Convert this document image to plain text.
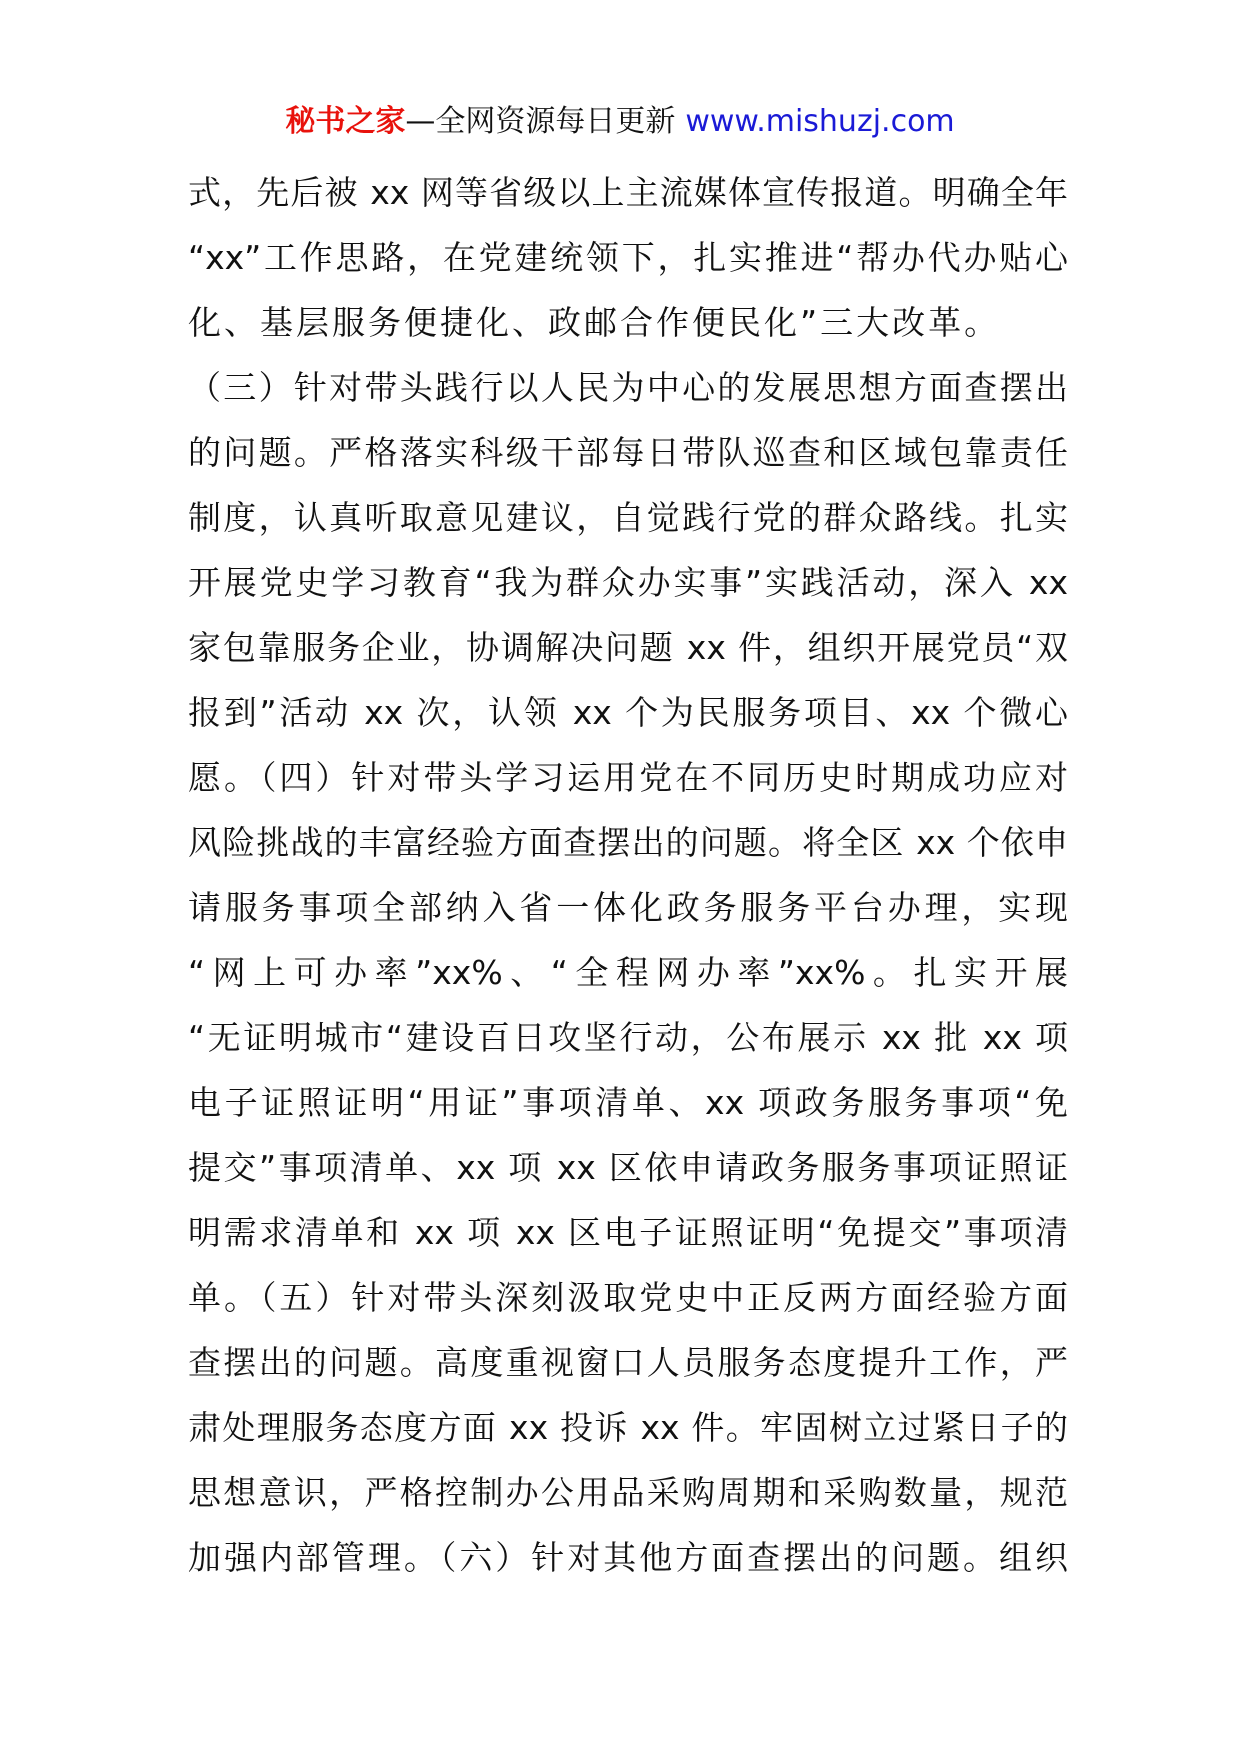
秘书之家—全网资源每日更新 www.mishuzj.com
式，先后被 xx 网等省级以上主流媒体宣传报道。明确全年
“xx”工作思路，在党建统领下，扎实推进“帮办代办贴心
化、基层服务便捷化、政邮合作便民化”三大改革。
（三）针对带头践行以人民为中心的发展思想方面查摆出
的问题。严格落实科级干部每日带队巡查和区域包靠责任
制度，认真听取意见建议，自觉践行党的群众路线。扎实
开展党史学习教育“我为群众办实事”实践活动，深入 xx
家包靠服务企业，协调解决问题 xx 件，组织开展党员“双
报到”活动 xx 次，认领 xx 个为民服务项目、xx 个微心
愿。（四）针对带头学习运用党在不同历史时期成功应对
风险挑战的丰富经验方面查摆出的问题。将全区 xx 个依申
请服务事项全部纳入省一体化政务服务平台办理，实现
“网上可办率”xx%、“全程网办率”xx%。扎实开展
“无证明城市“建设百日攻坚行动，公布展示 xx 批 xx 项
电子证照证明“用证”事项清单、xx 项政务服务事项“免
提交”事项清单、xx 项 xx 区依申请政务服务事项证照证
明需求清单和 xx 项 xx 区电子证照证明“免提交”事项清
单。（五）针对带头深刻汲取党史中正反两方面经验方面
查摆出的问题。高度重视窗口人员服务态度提升工作，严
肃处理服务态度方面 xx 投诉 xx 件。牢固树立过紧日子的
思想意识，严格控制办公用品采购周期和采购数量，规范
加强内部管理。（六）针对其他方面查摆出的问题。组织
